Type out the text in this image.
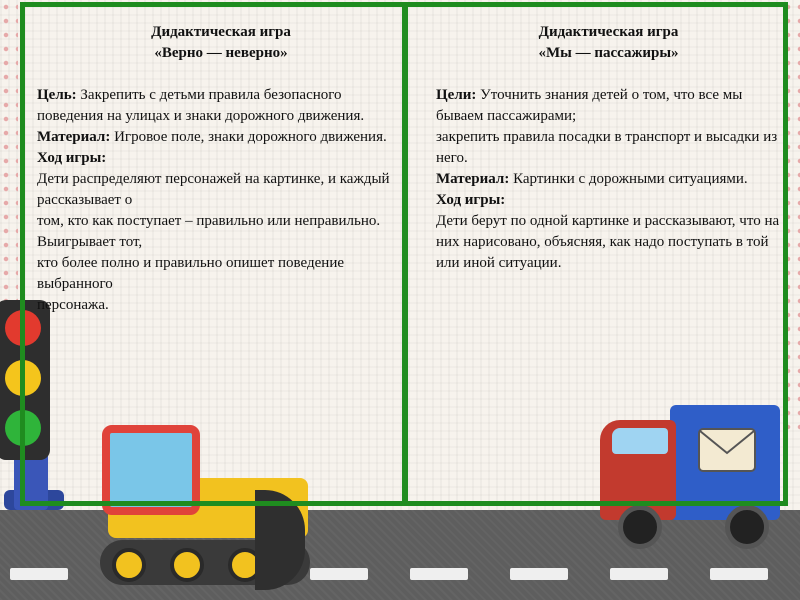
Дидактическая игра
«Верно — неверно»

Цель: Закрепить с детьми правила безопасного поведения на улицах и знаки дорожного движения.

Материал: Игровое поле, знаки дорожного движения.

Ход игры:

Дети распределяют персонажей на картинке, и каждый рассказывает о

том, кто как поступает – правильно или неправильно. Выигрывает тот,

кто более полно и правильно опишет поведение выбранного

персонажа.

Дидактическая игра
«Мы — пассажиры»

Цели: Уточнить знания детей о том, что все мы бываем пассажирами;

закрепить правила посадки в транспорт и высадки из него.

Материал: Картинки с дорожными ситуациями.

Ход игры:

Дети берут по одной картинке и рассказывают, что на них нарисовано, объясняя, как надо поступать в той или иной ситуации.
